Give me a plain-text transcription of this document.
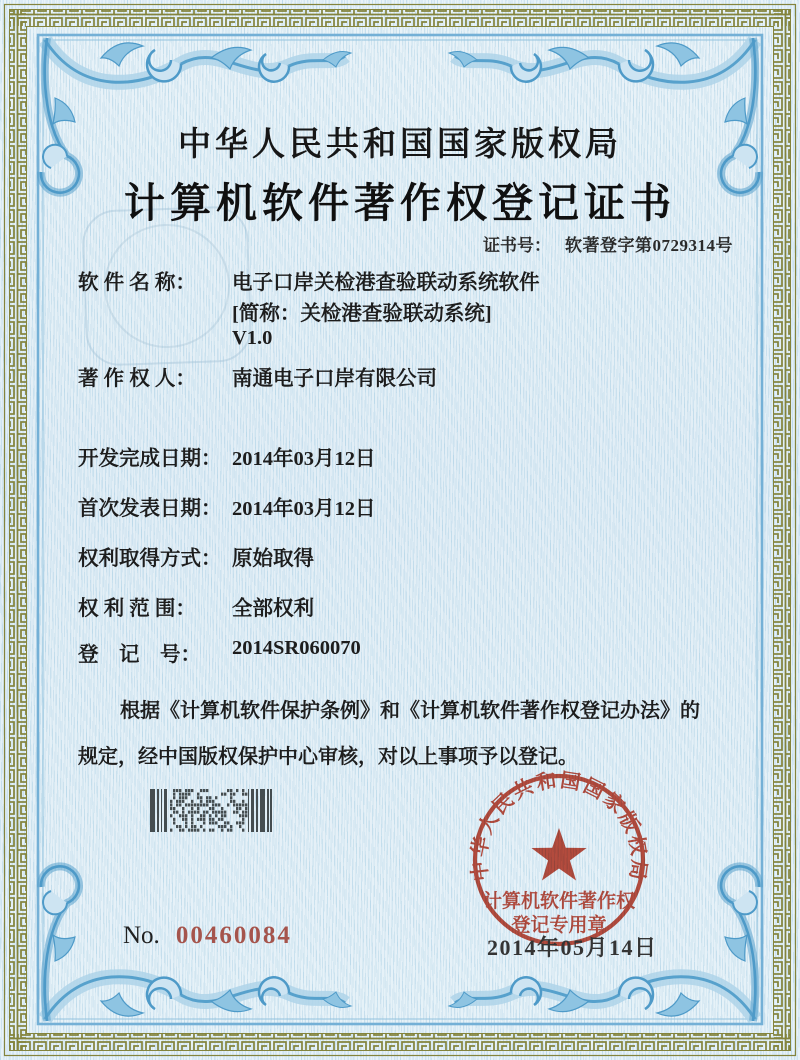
中华人民共和国国家版权局
计算机软件著作权登记证书
证书号： 软著登字第0729314号
软 件 名 称： 电子口岸关检港查验联动系统软件
[简称：关检港查验联动系统]
V1.0
著 作 权 人： 南通电子口岸有限公司
开发完成日期： 2014年03月12日
首次发表日期： 2014年03月12日
权利取得方式： 原始取得
权 利 范 围： 全部权利
登    记    号： 2014SR060070
根据《计算机软件保护条例》和《计算机软件著作权登记办法》的
规定，经中国版权保护中心审核，对以上事项予以登记。
中华人民共和国国家版权局
计算机软件著作权
登记专用章
No. 00460084	2014年05月14日
